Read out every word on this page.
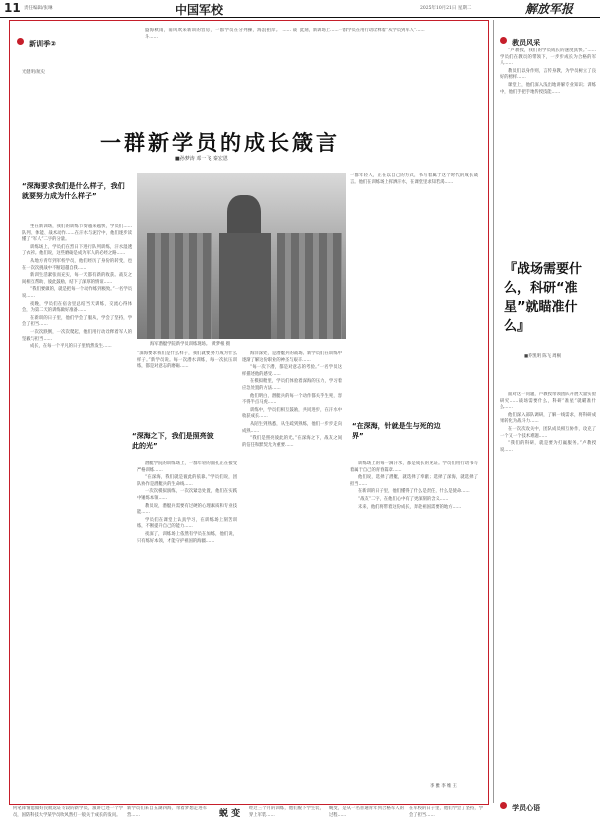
11 责任编辑/张琳	中国军校	2025年10月21日 星期二	解放军报
新训季②
光健明/航史
盛海秋雨，南风吹来新训的营房，一群学员在分列操，海浪拍岸。 …… 战斗……
此刻，新训场上……一群学员在用行动诠释着“从学员到军人”……
一群新学员的成长箴言
■孙梦涛 邓一飞 秦宏恩
“深海要求我们是什么样子，我们就要努力成为什么样子”

坐在新训场，我们的训练节奏越来越快，学员们……队列、体能、战术动作……在汗水与泥泞中，他们逐步读懂了“军人”二字的分量。

训练场上，学员们在烈日下进行队列训练，汗水湿透了衣衫。他们说，这些磨砺是成为军人的必经之路……

从地方青年到军校学员，他们经历了身份的转变，也在一次次挑战中不断超越自我……

新训生活紧张而充实，每一天都有新的收获。战友之间相互帮助、彼此鼓励，结下了深厚的情谊……

“我们要做的，就是把每一个动作练到极致。”一名学员说……

夜晚，学员们在宿舍里总结当天训练，交流心得体会，为第二天的训练做好准备……

在新训的日子里，他们学会了服从，学会了坚持，学会了担当……

一次次跌倒，一次次爬起，他们用行动诠释着军人的坚毅与担当……

成长，在每一个平凡的日子里悄然发生……	海军潜艇学院新学员训练现场。 黄梦根 摄
“深海要求我们是什么样子，我们就要努力成为什么样子。”新学员说。每一次潜水训练，每一次抗压训练，都是对意志的磨砺……
“深海之下，我们是照亮彼此的光”

潜艇学院的训练场上，一群年轻的面孔正在接受严格训练……

“在深海，我们就是彼此的依靠。”学员们说，团队协作是潜艇兵的生命线……

一次次模拟演练，一次次紧急处置，他们在实践中锤炼本领……

教员说，潜艇兵需要有过硬的心理素质和专业技能……

学员们在课堂上认真学习，在训练场上刻苦训练，不断提升自己的能力……

夜深了，训练场上依然有学员在加练，他们说，只有练好本领，才能守护祖国的海疆……

海洋深处，是潜艇兵的战场。新学员们在训练中逐渐了解这份职业的神圣与艰辛……

“每一次下潜，都是对意志的考验。”一名学员这样描述他的感受……

在模拟舱里，学员们体验着深海的压力，学习着应急处置的方法……

他们明白，潜艇兵的每一个动作都关乎生死，容不得半点马虎……

训练中，学员们相互鼓励，共同进步，在汗水中收获成长……

从陌生到熟悉，从生疏到熟练，他们一步步走向成熟……

“我们是照亮彼此的光。”在深海之下，战友之间的信任和默契尤为重要……

“在深海，针就是生与死的边界”
一群年轻人，正在以自己的方式，书写着属于这个时代的成长箴言。他们在训练场上挥洒汗水，在课堂里求知若渴……

训练场上的每一滴汗水，都是成长的见证。学员们用行动书写着属于自己的青春篇章……

他们说，选择了潜艇，就选择了奉献；选择了深海，就选择了担当……

在新训的日子里，他们懂得了什么是责任，什么是使命……

“战友”二字，在他们心中有了更深刻的含义……

未来，他们将带着这份成长，奔赴祖国需要的地方……

李 雅 李 维 王
教员风采

“卢教授，我们的学员成长的速度真快。”……学员们在教员的带领下，一步步成长为合格的军人……

教员们以身作则，言传身教，为学员树立了良好的榜样……

课堂上，他们深入浅出地讲解专业知识；训练中，他们手把手地传授技能……

『战场需要什么，科研“准星”就瞄准什么』
■乔凯明 陈飞 周桐

面对这一问题，卢教授带领团队开展大量实验研究……战场需要什么，科研“准星”就瞄准什么……

他们深入部队调研，了解一线需求，将科研成果转化为战斗力……

在一次次攻关中，团队成员相互协作，攻克了一个又一个技术难题……

“我们的科研，就是要为打赢服务。”卢教授说……

学员心语
何笔锋情愿做好民航返证专段的新学员，演讲已述一个学员，国防科技大学某学员吹风然打一般关于成长的发问。	蜕 变
新学员们来自五湖四海，带着梦想走进军营……
经过三个月的训练，他们脱下学生装，穿上军装……
蜕变，是从一名普通青年到合格军人的过程……
在军校的日子里，他们学会了坚持，学会了担当……
